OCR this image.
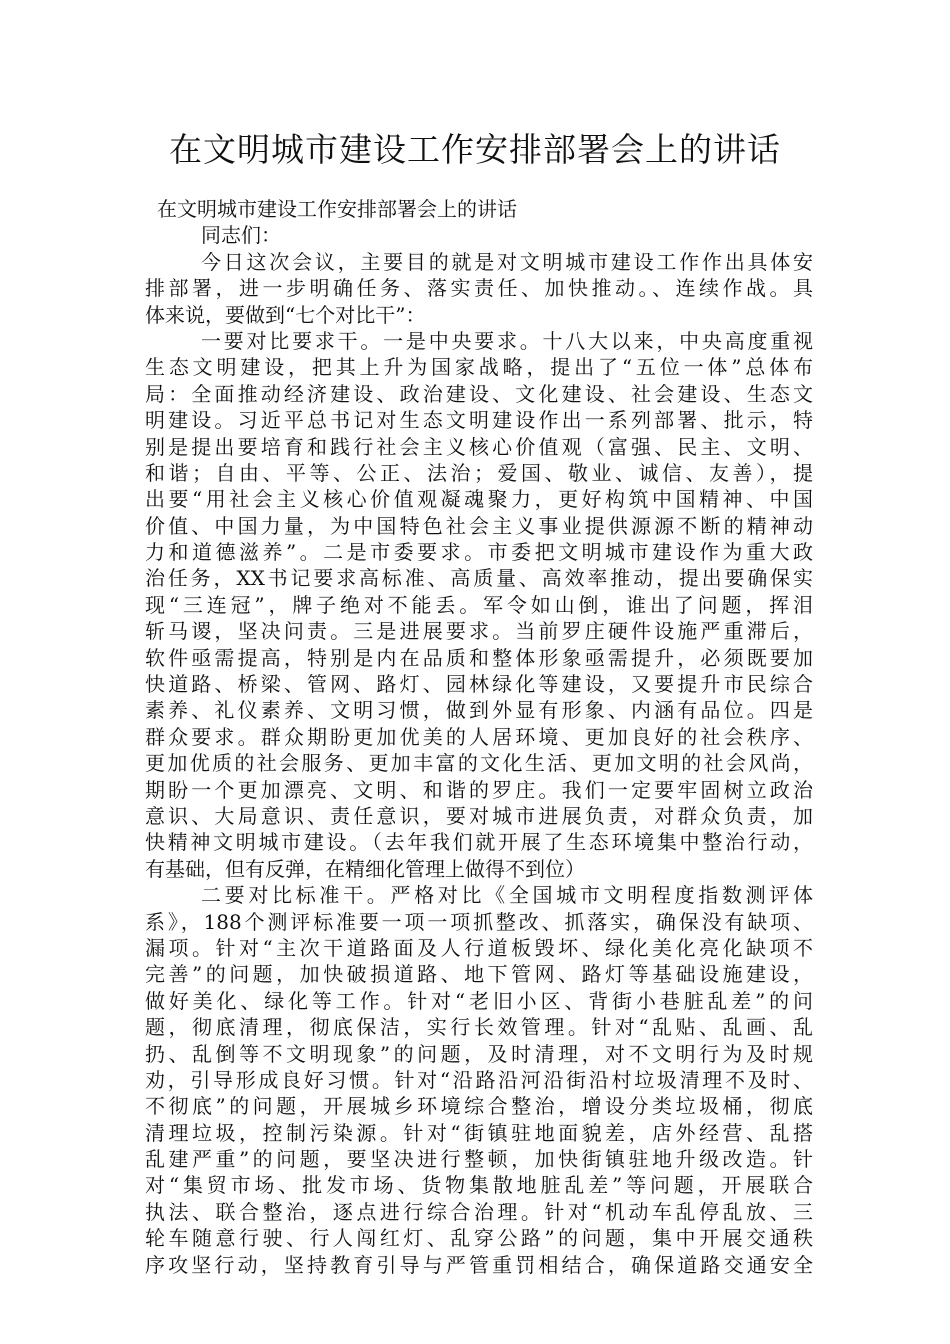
在文明城市建设工作安排部署会上的讲话
在文明城市建设工作安排部署会上的讲话
同志们：
今日这次会议，主要目的就是对文明城市建设工作作出具体安
排部署，进一步明确任务、落实责任、加快推动。、连续作战。具
体来说，要做到“七个对比干”：
一要对比要求干。一是中央要求。十八大以来，中央高度重视
生态文明建设，把其上升为国家战略，提出了“五位一体”总体布
局：全面推动经济建设、政治建设、文化建设、社会建设、生态文
明建设。习近平总书记对生态文明建设作出一系列部署、批示，特
别是提出要培育和践行社会主义核心价值观（富强、民主、文明、
和谐；自由、平等、公正、法治；爱国、敬业、诚信、友善），提
出要“用社会主义核心价值观凝魂聚力，更好构筑中国精神、中国
价值、中国力量，为中国特色社会主义事业提供源源不断的精神动
力和道德滋养”。二是市委要求。市委把文明城市建设作为重大政
治任务，XX书记要求高标准、高质量、高效率推动，提出要确保实
现“三连冠”，牌子绝对不能丢。军令如山倒，谁出了问题，挥泪
斩马谡，坚决问责。三是进展要求。当前罗庄硬件设施严重滞后，
软件亟需提高，特别是内在品质和整体形象亟需提升，必须既要加
快道路、桥梁、管网、路灯、园林绿化等建设，又要提升市民综合
素养、礼仪素养、文明习惯，做到外显有形象、内涵有品位。四是
群众要求。群众期盼更加优美的人居环境、更加良好的社会秩序、
更加优质的社会服务、更加丰富的文化生活、更加文明的社会风尚，
期盼一个更加漂亮、文明、和谐的罗庄。我们一定要牢固树立政治
意识、大局意识、责任意识，要对城市进展负责，对群众负责，加
快精神文明城市建设。（去年我们就开展了生态环境集中整治行动，
有基础，但有反弹，在精细化管理上做得不到位）
二要对比标准干。严格对比《全国城市文明程度指数测评体
系》，188个测评标准要一项一项抓整改、抓落实，确保没有缺项、
漏项。针对“主次干道路面及人行道板毁坏、绿化美化亮化缺项不
完善”的问题，加快破损道路、地下管网、路灯等基础设施建设，
做好美化、绿化等工作。针对“老旧小区、背街小巷脏乱差”的问
题，彻底清理，彻底保洁，实行长效管理。针对“乱贴、乱画、乱
扔、乱倒等不文明现象”的问题，及时清理，对不文明行为及时规
劝，引导形成良好习惯。针对“沿路沿河沿街沿村垃圾清理不及时、
不彻底”的问题，开展城乡环境综合整治，增设分类垃圾桶，彻底
清理垃圾，控制污染源。针对“街镇驻地面貌差，店外经营、乱搭
乱建严重”的问题，要坚决进行整顿，加快街镇驻地升级改造。针
对“集贸市场、批发市场、货物集散地脏乱差”等问题，开展联合
执法、联合整治，逐点进行综合治理。针对“机动车乱停乱放、三
轮车随意行驶、行人闯红灯、乱穿公路”的问题，集中开展交通秩
序攻坚行动，坚持教育引导与严管重罚相结合，确保道路交通安全
